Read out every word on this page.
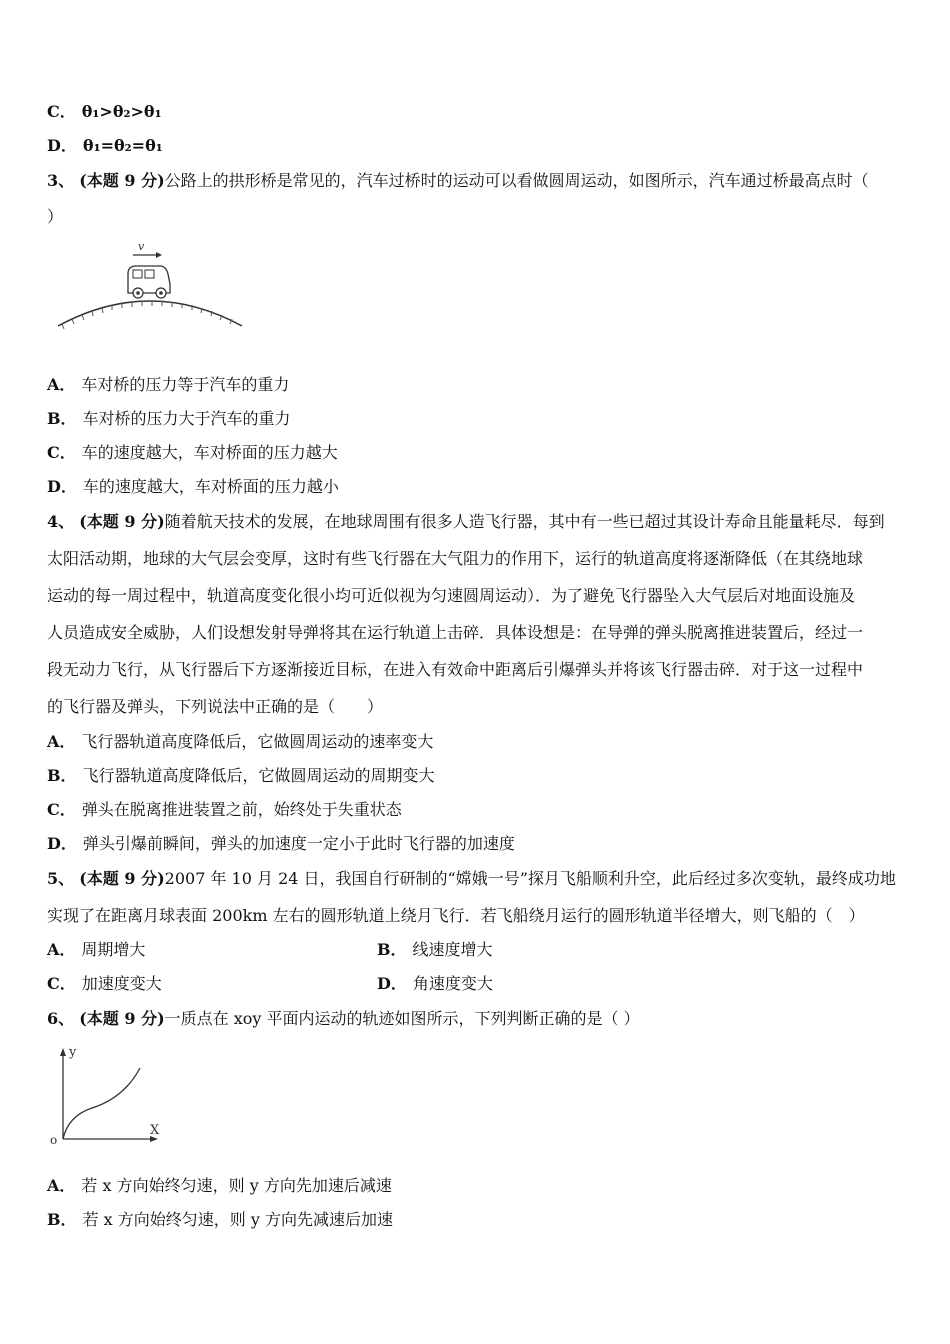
C． θ₁>θ₂>θ₁
D． θ₁=θ₂=θ₁
3、 (本题 9 分)公路上的拱形桥是常见的，汽车过桥时的运动可以看做圆周运动，如图所示，汽车通过桥最高点时（
）
v
A． 车对桥的压力等于汽车的重力
B． 车对桥的压力大于汽车的重力
C． 车的速度越大，车对桥面的压力越大
D． 车的速度越大，车对桥面的压力越小
4、 (本题 9 分)随着航天技术的发展，在地球周围有很多人造飞行器，其中有一些已超过其设计寿命且能量耗尽．每到
太阳活动期，地球的大气层会变厚，这时有些飞行器在大气阻力的作用下，运行的轨道高度将逐渐降低（在其绕地球
运动的每一周过程中，轨道高度变化很小均可近似视为匀速圆周运动）．为了避免飞行器坠入大气层后对地面设施及
人员造成安全威胁，人们设想发射导弹将其在运行轨道上击碎．具体设想是：在导弹的弹头脱离推进装置后，经过一
段无动力飞行，从飞行器后下方逐渐接近目标，在进入有效命中距离后引爆弹头并将该飞行器击碎．对于这一过程中
的飞行器及弹头，下列说法中正确的是（　　）
A． 飞行器轨道高度降低后，它做圆周运动的速率变大
B． 飞行器轨道高度降低后，它做圆周运动的周期变大
C． 弹头在脱离推进装置之前，始终处于失重状态
D． 弹头引爆前瞬间，弹头的加速度一定小于此时飞行器的加速度
5、 (本题 9 分)2007 年 10 月 24 日，我国自行研制的“嫦娥一号”探月飞船顺利升空，此后经过多次变轨，最终成功地
实现了在距离月球表面 200km 左右的圆形轨道上绕月飞行．若飞船绕月运行的圆形轨道半径增大，则飞船的（　）
A． 周期增大	B． 线速度增大
C． 加速度变大	D． 角速度变大
6、 (本题 9 分)一质点在 xoy 平面内运动的轨迹如图所示，下列判断正确的是（ ）
y
X
o
A． 若 x 方向始终匀速，则 y 方向先加速后减速
B． 若 x 方向始终匀速，则 y 方向先减速后加速
